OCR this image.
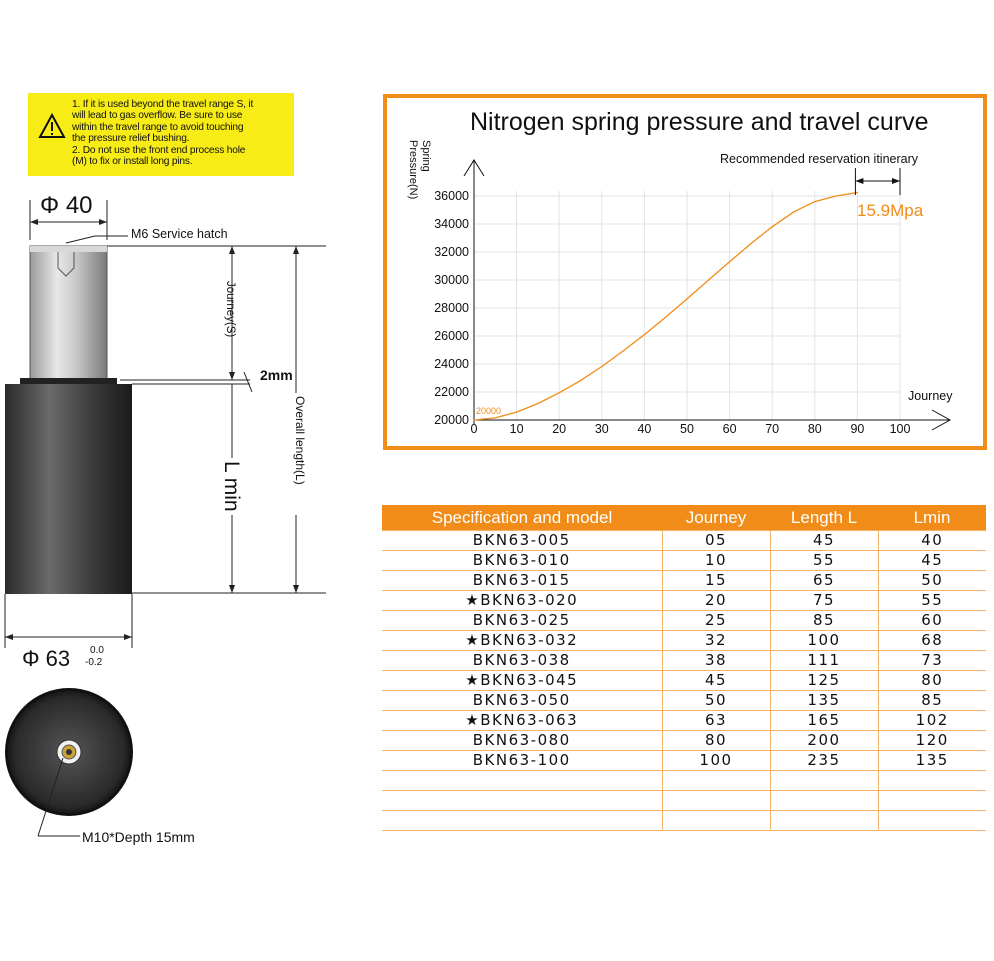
1. If it is used beyond the travel range S, it
will lead to gas overflow. Be sure to use
within the travel range to avoid touching
the pressure relief bushing.
2. Do not use the front end process hole
(M) to fix or install long pins.
Φ 40
M6 Service hatch
Journey(S)
2mm
L min
Overall length(L)
Φ 63 0.0
-0.2
M10*Depth 15mm
Nitrogen spring pressure and travel curve
0	10 20 30 40 50 60 70 80 90 100
20000
22000
24000
26000
28000
30000
32000
34000
36000
Recommended reservation itinerary
15.9Mpa
20000
Journey
Spring
Pressure(N)
Specification and model	Journey	Length L	Lmin
BKN63-005	05	45	40
BKN63-010	10	55	45
BKN63-015	15	65	50
★BKN63-020	20	75	55
BKN63-025	25	85	60
★BKN63-032	32	100	68
BKN63-038	38	111	73
★BKN63-045	45	125	80
BKN63-050	50	135	85
★BKN63-063	63	165	102
BKN63-080	80	200	120
BKN63-100	100	235	135
